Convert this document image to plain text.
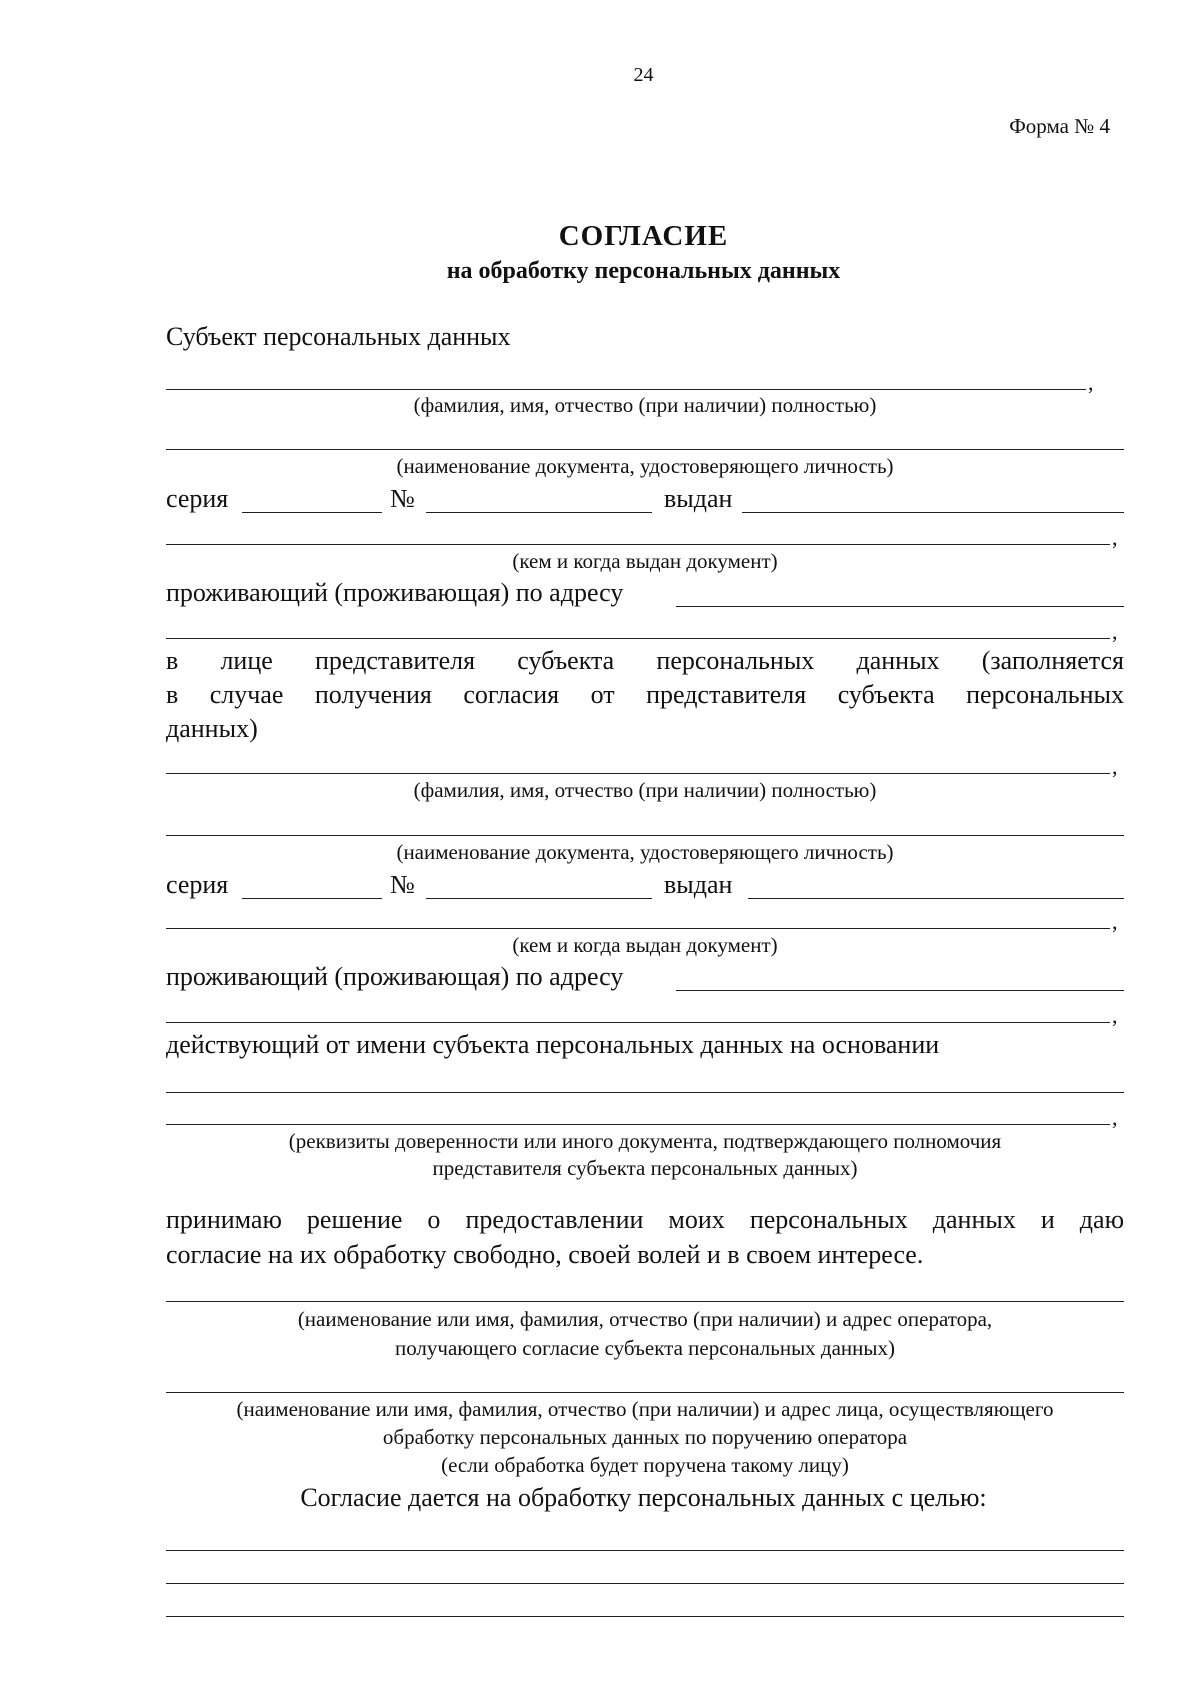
24
Форма № 4
СОГЛАСИЕ
на обработку персональных данных
Субъект персональных данных
,
(фамилия, имя, отчество (при наличии) полностью)
(наименование документа, удостоверяющего личность)
серия	№	выдан
,
(кем и когда выдан документ)
проживающий (проживающая) по адресу
,
в лице представителя субъекта персональных данных (заполняется
в случае получения согласия от представителя субъекта персональных
данных)
,
(фамилия, имя, отчество (при наличии) полностью)
(наименование документа, удостоверяющего личность)
серия	№	выдан
,
(кем и когда выдан документ)
проживающий (проживающая) по адресу
,
действующий от имени субъекта персональных данных на основании
,
(реквизиты доверенности или иного документа, подтверждающего полномочия
представителя субъекта персональных данных)
принимаю решение о предоставлении моих персональных данных и даю
согласие на их обработку свободно, своей волей и в своем интересе.
(наименование или имя, фамилия, отчество (при наличии) и адрес оператора,
получающего согласие субъекта персональных данных)
(наименование или имя, фамилия, отчество (при наличии) и адрес лица, осуществляющего
обработку персональных данных по поручению оператора
(если обработка будет поручена такому лицу)
Согласие дается на обработку персональных данных с целью:
